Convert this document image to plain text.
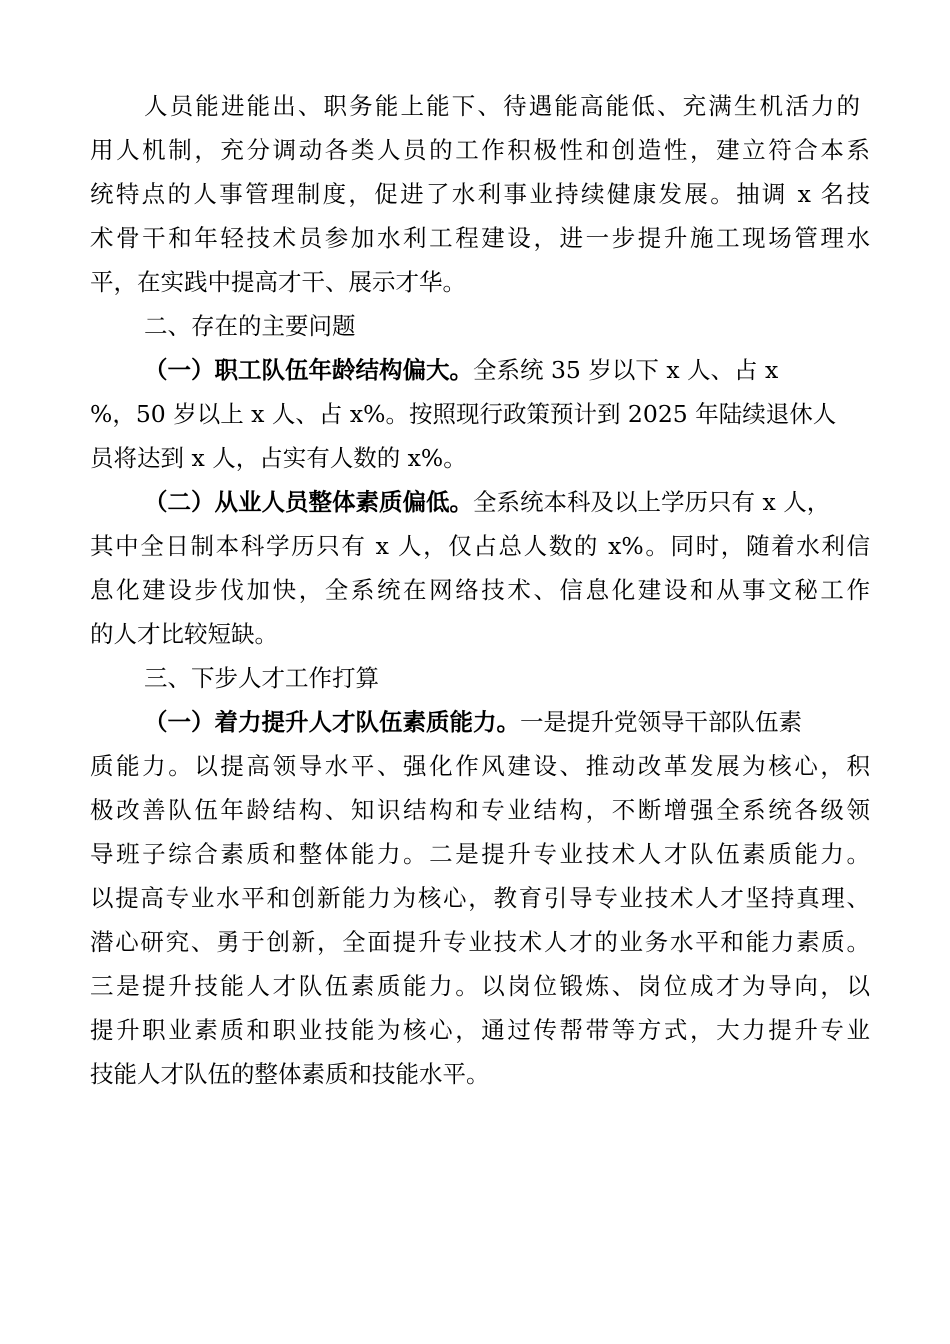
人员能进能出、职务能上能下、待遇能高能低、充满生机活力的
用人机制，充分调动各类人员的工作积极性和创造性，建立符合本系
统特点的人事管理制度，促进了水利事业持续健康发展。抽调 x 名技
术骨干和年轻技术员参加水利工程建设，进一步提升施工现场管理水
平，在实践中提高才干、展示才华。
二、存在的主要问题
（一）职工队伍年龄结构偏大。全系统 35 岁以下 x 人、占 x
%，50 岁以上 x 人、占 x%。按照现行政策预计到 2025 年陆续退休人
员将达到 x 人，占实有人数的 x%。
（二）从业人员整体素质偏低。全系统本科及以上学历只有 x 人，
其中全日制本科学历只有 x 人，仅占总人数的 x%。同时，随着水利信
息化建设步伐加快，全系统在网络技术、信息化建设和从事文秘工作
的人才比较短缺。
三、下步人才工作打算
（一）着力提升人才队伍素质能力。一是提升党领导干部队伍素
质能力。以提高领导水平、强化作风建设、推动改革发展为核心，积
极改善队伍年龄结构、知识结构和专业结构，不断增强全系统各级领
导班子综合素质和整体能力。二是提升专业技术人才队伍素质能力。
以提高专业水平和创新能力为核心，教育引导专业技术人才坚持真理、
潜心研究、勇于创新，全面提升专业技术人才的业务水平和能力素质。
三是提升技能人才队伍素质能力。以岗位锻炼、岗位成才为导向，以
提升职业素质和职业技能为核心，通过传帮带等方式，大力提升专业
技能人才队伍的整体素质和技能水平。
